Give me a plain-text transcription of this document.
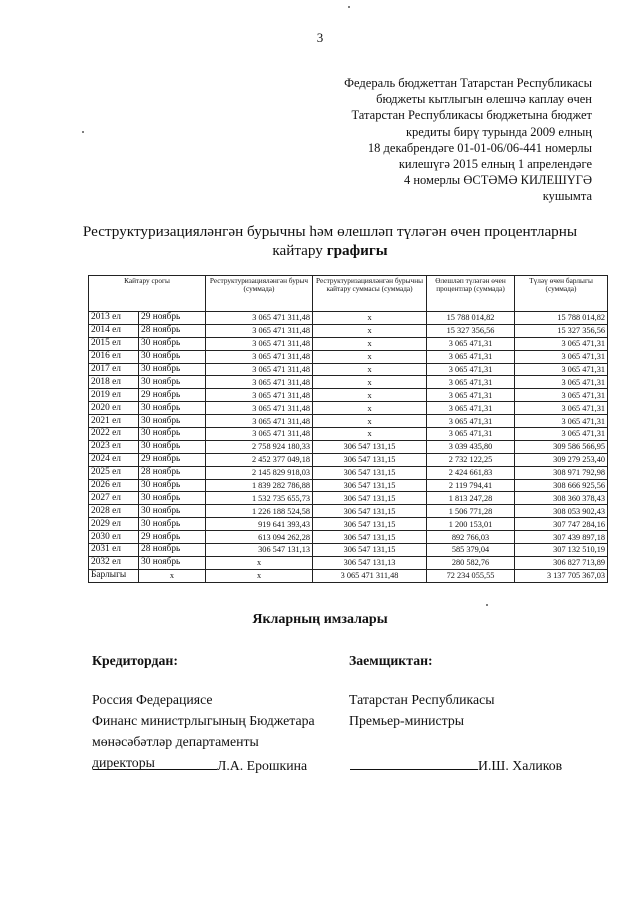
3
Федераль бюджеттан Татарстан Республикасы
бюджеты кытлыгын өлешчә каплау өчен
Татарстан Республикасы бюджетына бюджет
кредиты бирү турында 2009 елның
18 декабрендәге 01-01-06/06-441 номерлы
килешүгә 2015 елның 1 апрелендәге
4 номерлы ӨСТӘМӘ КИЛЕШҮГӘ
кушымта
Реструктуризацияләнгән бурычны һәм өлешләп түләгән өчен процентларны
кайтару графигы
Кайтару срогы		Реструктуризацияләнгән бурыч (суммада)	Реструктуризацияләнгән бурычны кайтару суммасы (суммада)	Өлешләп түләгән өчен процентлар (суммада)	Түләү өчен барлыгы (суммада)
2013 ел	29 ноябрь	3 065 471 311,48	х	15 788 014,82	15 788 014,82
2014 ел	28 ноябрь	3 065 471 311,48	х	15 327 356,56	15 327 356,56
2015 ел	30 ноябрь	3 065 471 311,48	х	3 065 471,31	3 065 471,31
2016 ел	30 ноябрь	3 065 471 311,48	х	3 065 471,31	3 065 471,31
2017 ел	30 ноябрь	3 065 471 311,48	х	3 065 471,31	3 065 471,31
2018 ел	30 ноябрь	3 065 471 311,48	х	3 065 471,31	3 065 471,31
2019 ел	29 ноябрь	3 065 471 311,48	х	3 065 471,31	3 065 471,31
2020 ел	30 ноябрь	3 065 471 311,48	х	3 065 471,31	3 065 471,31
2021 ел	30 ноябрь	3 065 471 311,48	х	3 065 471,31	3 065 471,31
2022 ел	30 ноябрь	3 065 471 311,48	х	3 065 471,31	3 065 471,31
2023 ел	30 ноябрь	2 758 924 180,33	306 547 131,15	3 039 435,80	309 586 566,95
2024 ел	29 ноябрь	2 452 377 049,18	306 547 131,15	2 732 122,25	309 279 253,40
2025 ел	28 ноябрь	2 145 829 918,03	306 547 131,15	2 424 661,83	308 971 792,98
2026 ел	30 ноябрь	1 839 282 786,88	306 547 131,15	2 119 794,41	308 666 925,56
2027 ел	30 ноябрь	1 532 735 655,73	306 547 131,15	1 813 247,28	308 360 378,43
2028 ел	30 ноябрь	1 226 188 524,58	306 547 131,15	1 506 771,28	308 053 902,43
2029 ел	30 ноябрь	919 641 393,43	306 547 131,15	1 200 153,01	307 747 284,16
2030 ел	29 ноябрь	613 094 262,28	306 547 131,15	892 766,03	307 439 897,18
2031 ел	28 ноябрь	306 547 131,13	306 547 131,15	585 379,04	307 132 510,19
2032 ел	30 ноябрь	х	306 547 131,13	280 582,76	306 827 713,89
Барлыгы	х	х	3 065 471 311,48	72 234 055,55	3 137 705 367,03
Якларның имзалары
Кредитордан:
Россия Федерациясе
Финанс министрлыгының Бюджетара
мөнәсәбәтләр департаменты
директоры
Заемщиктан:
Татарстан Республикасы
Премьер-министры
Л.А. Ерошкина	И.Ш. Халиков
